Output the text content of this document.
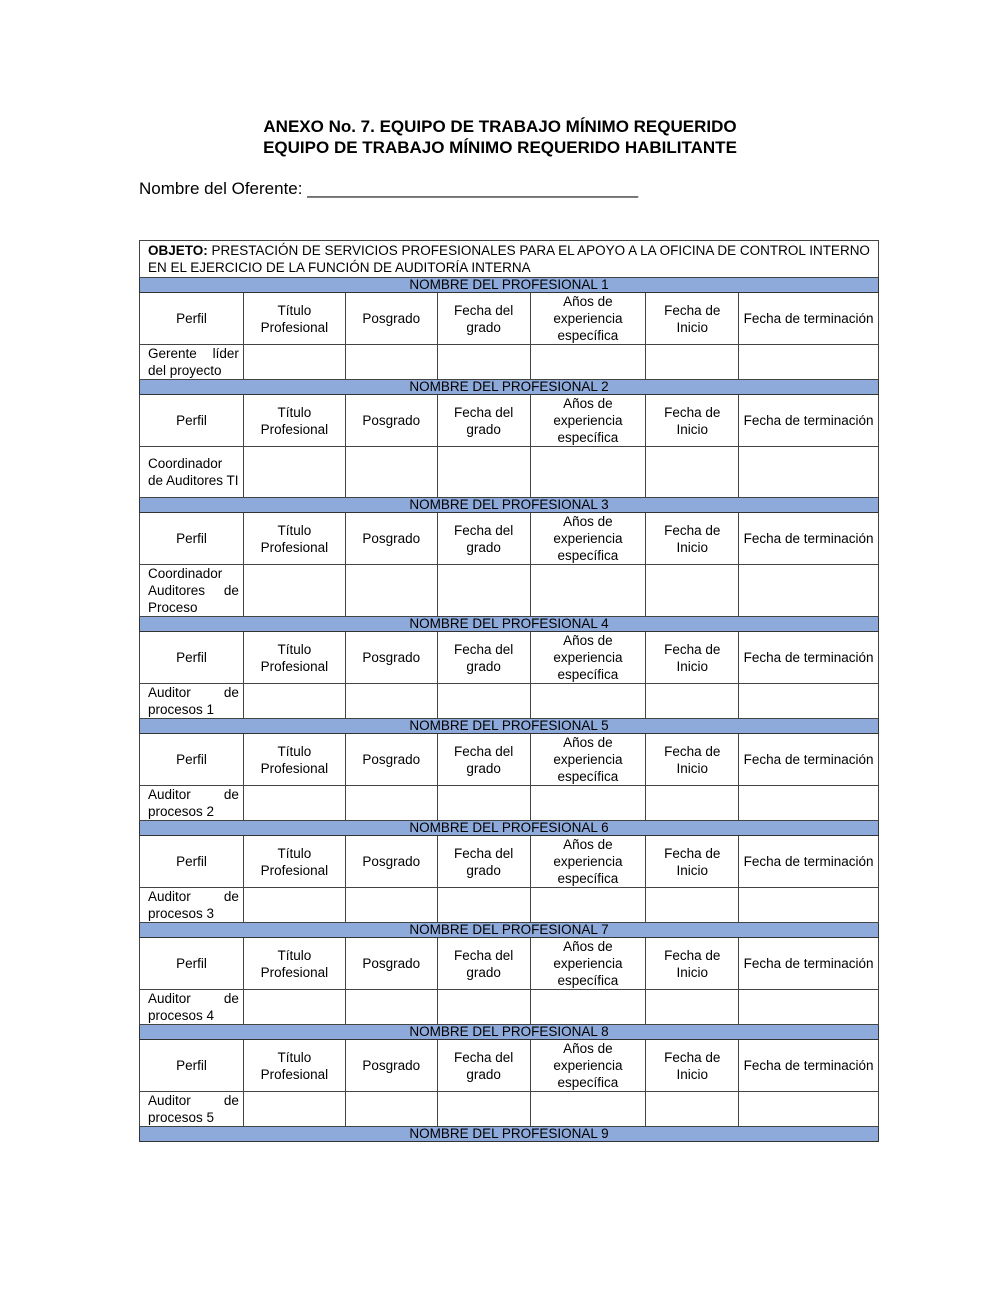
ANEXO No. 7. EQUIPO DE TRABAJO MÍNIMO REQUERIDO
EQUIPO DE TRABAJO MÍNIMO REQUERIDO HABILITANTE
Nombre del Oferente: ___________________________________
OBJETO: PRESTACIÓN DE SERVICIOS PROFESIONALES PARA EL APOYO A LA OFICINA DE CONTROL INTERNO EN EL EJERCICIO DE LA FUNCIÓN DE AUDITORÍA INTERNA						
NOMBRE DEL PROFESIONAL 1						
Perfil	Título Profesional	Posgrado	Fecha del grado	Años de experiencia específica	Fecha de Inicio	Fecha de terminación
Gerente líder del proyecto						
NOMBRE DEL PROFESIONAL 2						
Perfil	Título Profesional	Posgrado	Fecha del grado	Años de experiencia específica	Fecha de Inicio	Fecha de terminación
Coordinador de Auditores TI						
NOMBRE DEL PROFESIONAL 3						
Perfil	Título Profesional	Posgrado	Fecha del grado	Años de experiencia específica	Fecha de Inicio	Fecha de terminación
Coordinador Auditores de Proceso						
NOMBRE DEL PROFESIONAL 4						
Perfil	Título Profesional	Posgrado	Fecha del grado	Años de experiencia específica	Fecha de Inicio	Fecha de terminación
Auditor de procesos 1						
NOMBRE DEL PROFESIONAL 5						
Perfil	Título Profesional	Posgrado	Fecha del grado	Años de experiencia específica	Fecha de Inicio	Fecha de terminación
Auditor de procesos 2						
NOMBRE DEL PROFESIONAL 6						
Perfil	Título Profesional	Posgrado	Fecha del grado	Años de experiencia específica	Fecha de Inicio	Fecha de terminación
Auditor de procesos 3						
NOMBRE DEL PROFESIONAL 7						
Perfil	Título Profesional	Posgrado	Fecha del grado	Años de experiencia específica	Fecha de Inicio	Fecha de terminación
Auditor de procesos 4						
NOMBRE DEL PROFESIONAL 8						
Perfil	Título Profesional	Posgrado	Fecha del grado	Años de experiencia específica	Fecha de Inicio	Fecha de terminación
Auditor de procesos 5						
NOMBRE DEL PROFESIONAL 9						
